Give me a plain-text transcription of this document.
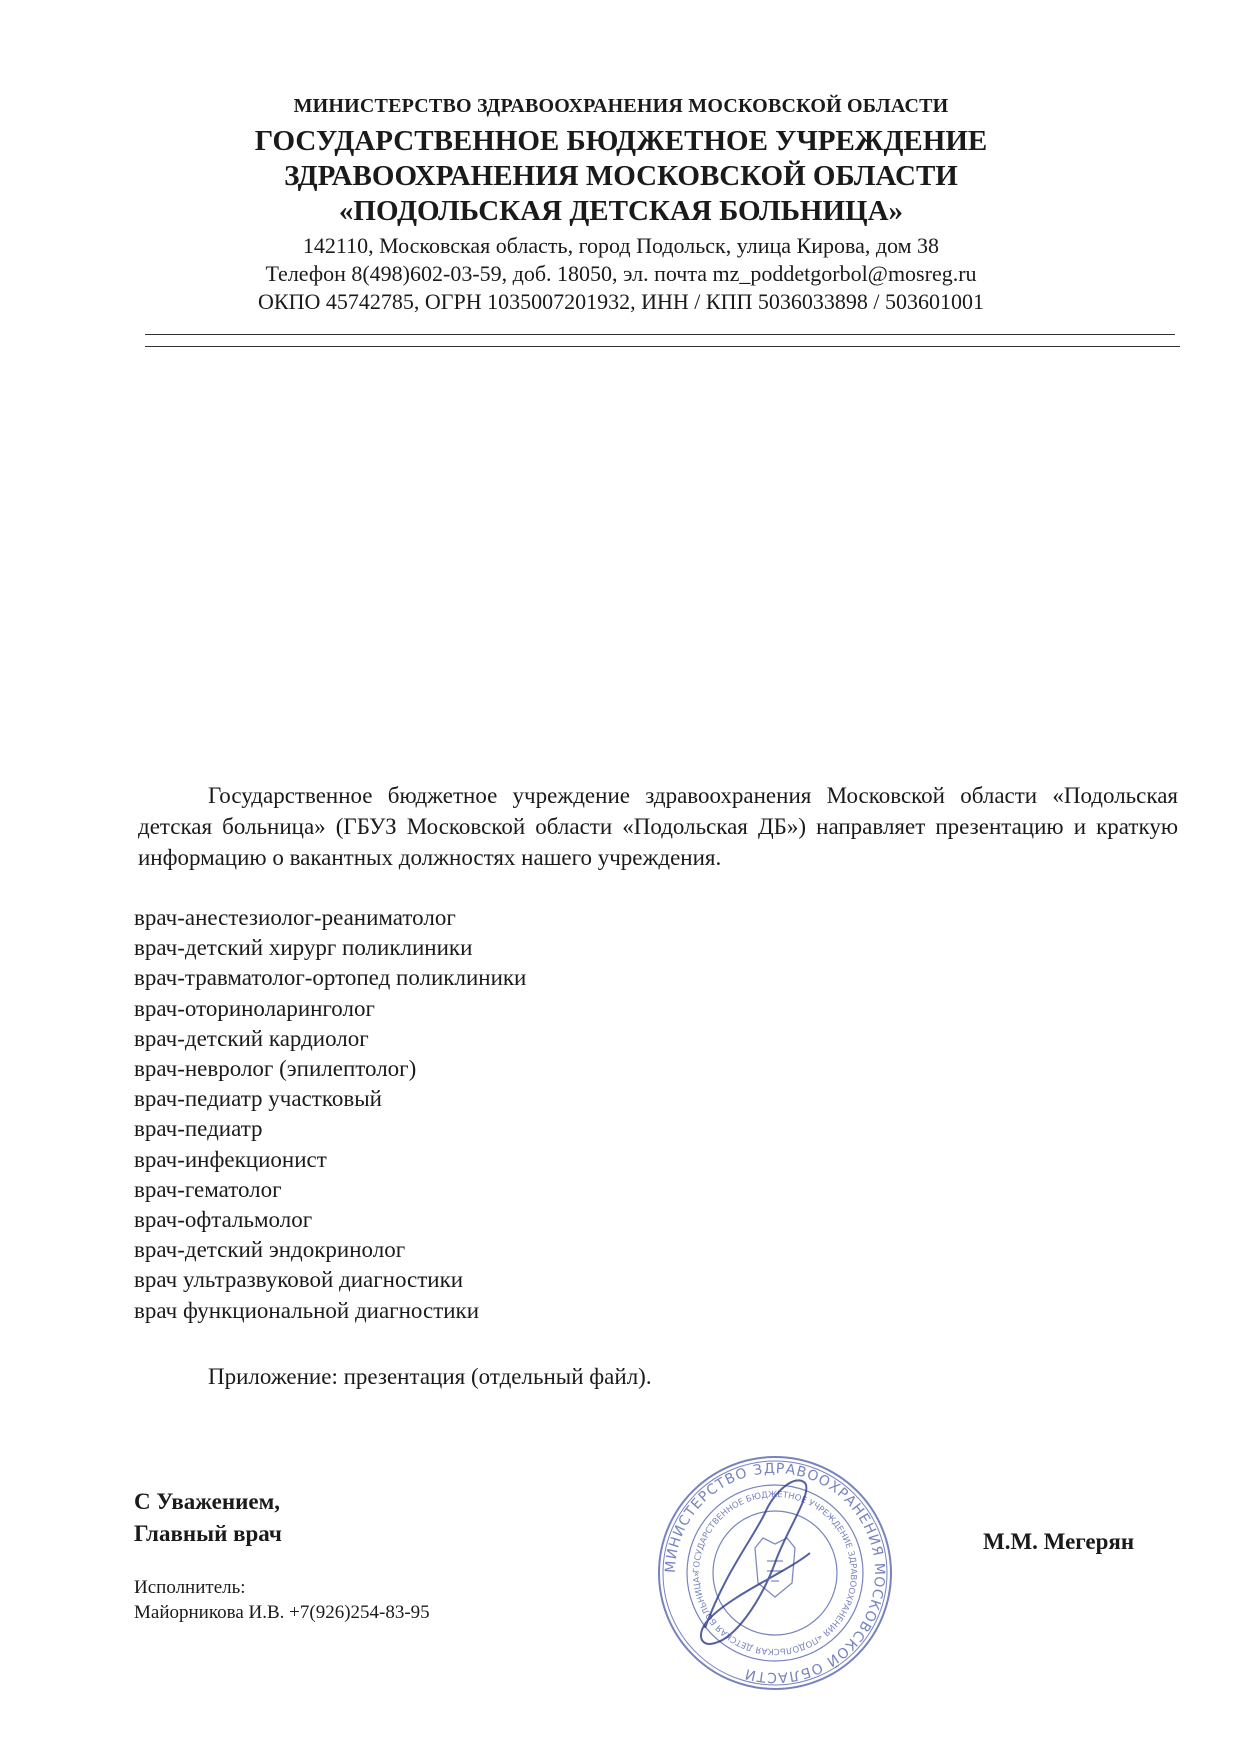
МИНИСТЕРСТВО ЗДРАВООХРАНЕНИЯ МОСКОВСКОЙ ОБЛАСТИ
ГОСУДАРСТВЕННОЕ БЮДЖЕТНОЕ УЧРЕЖДЕНИЕ
ЗДРАВООХРАНЕНИЯ МОСКОВСКОЙ ОБЛАСТИ
«ПОДОЛЬСКАЯ ДЕТСКАЯ БОЛЬНИЦА»
142110, Московская область, город Подольск, улица Кирова, дом 38
Телефон 8(498)602-03-59, доб. 18050, эл. почта mz_poddetgorbol@mosreg.ru
ОКПО 45742785, ОГРН 1035007201932, ИНН / КПП 5036033898 / 503601001
Государственное бюджетное учреждение здравоохранения Московской области «Подольская детская больница» (ГБУЗ Московской области «Подольская ДБ») направляет презентацию и краткую информацию о вакантных должностях нашего учреждения.
врач-анестезиолог-реаниматолог
врач-детский хирург поликлиники
врач-травматолог-ортопед поликлиники
врач-оториноларинголог
врач-детский кардиолог
врач-невролог (эпилептолог)
врач-педиатр участковый
врач-педиатр
врач-инфекционист
врач-гематолог
врач-офтальмолог
врач-детский эндокринолог
врач ультразвуковой диагностики
врач функциональной диагностики
Приложение: презентация (отдельный файл).
С Уважением,
Главный врач	М.М. Мегерян
Исполнитель:
Майорникова И.В. +7(926)254-83-95
МИНИСТЕРСТВО ЗДРАВООХРАНЕНИЯ МОСКОВСКОЙ ОБЛАСТИ
ГОСУДАРСТВЕННОЕ БЮДЖЕТНОЕ УЧРЕЖДЕНИЕ ЗДРАВООХРАНЕНИЯ «ПОДОЛЬСКАЯ ДЕТСКАЯ БОЛЬНИЦА»
